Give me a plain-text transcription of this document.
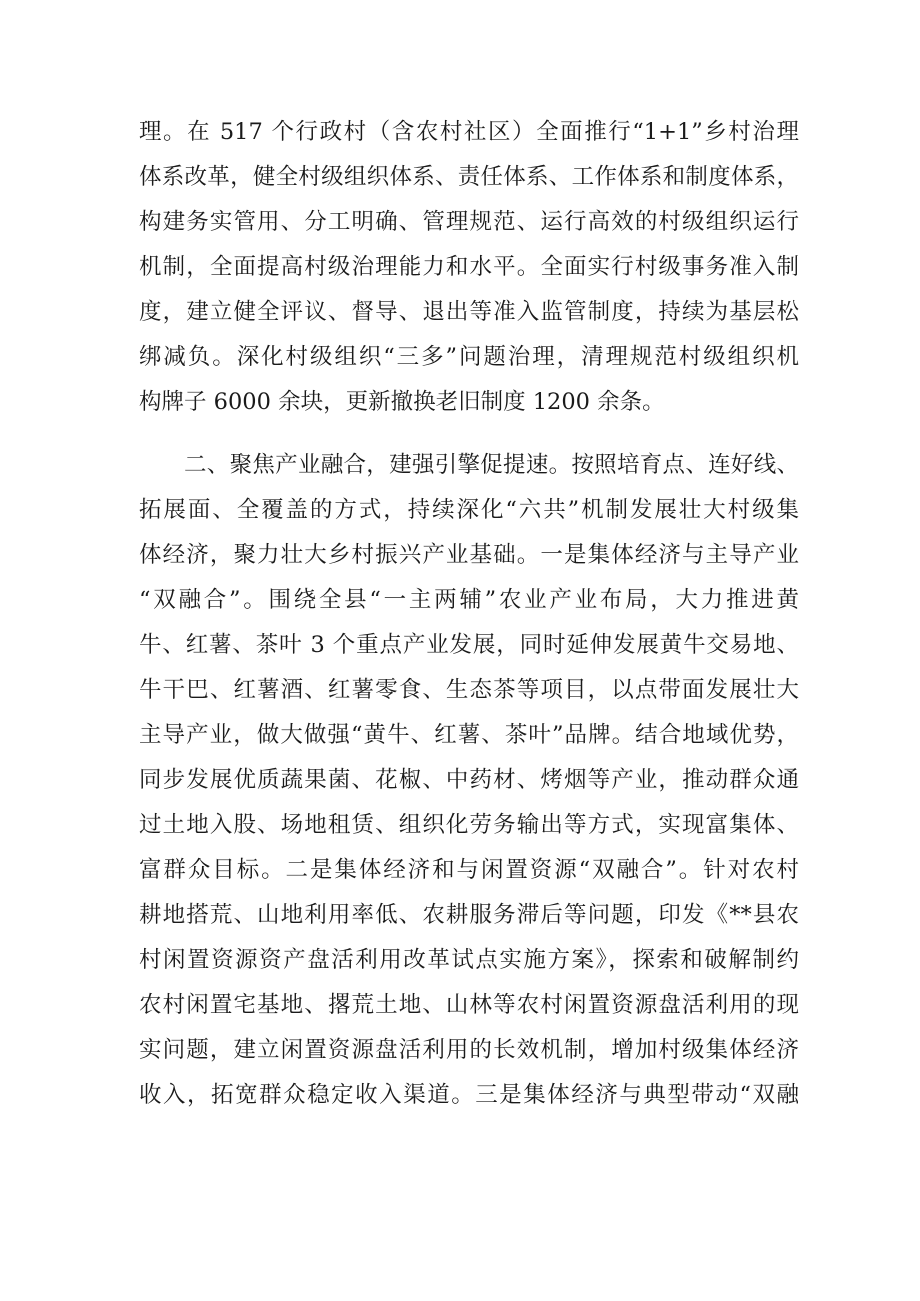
理。在 517 个行政村（含农村社区）全面推行“1+1”乡村治理
体系改革，健全村级组织体系、责任体系、工作体系和制度体系，
构建务实管用、分工明确、管理规范、运行高效的村级组织运行
机制，全面提高村级治理能力和水平。全面实行村级事务准入制
度，建立健全评议、督导、退出等准入监管制度，持续为基层松
绑减负。深化村级组织“三多”问题治理，清理规范村级组织机
构牌子 6000 余块，更新撤换老旧制度 1200 余条。
二、聚焦产业融合，建强引擎促提速。按照培育点、连好线、
拓展面、全覆盖的方式，持续深化“六共”机制发展壮大村级集
体经济，聚力壮大乡村振兴产业基础。一是集体经济与主导产业
“双融合”。围绕全县“一主两辅”农业产业布局，大力推进黄
牛、红薯、茶叶 3 个重点产业发展，同时延伸发展黄牛交易地、
牛干巴、红薯酒、红薯零食、生态茶等项目，以点带面发展壮大
主导产业，做大做强“黄牛、红薯、茶叶”品牌。结合地域优势，
同步发展优质蔬果菌、花椒、中药材、烤烟等产业，推动群众通
过土地入股、场地租赁、组织化劳务输出等方式，实现富集体、
富群众目标。二是集体经济和与闲置资源“双融合”。针对农村
耕地搭荒、山地利用率低、农耕服务滞后等问题，印发《**县农
村闲置资源资产盘活利用改革试点实施方案》，探索和破解制约
农村闲置宅基地、撂荒土地、山林等农村闲置资源盘活利用的现
实问题，建立闲置资源盘活利用的长效机制，增加村级集体经济
收入，拓宽群众稳定收入渠道。三是集体经济与典型带动“双融
